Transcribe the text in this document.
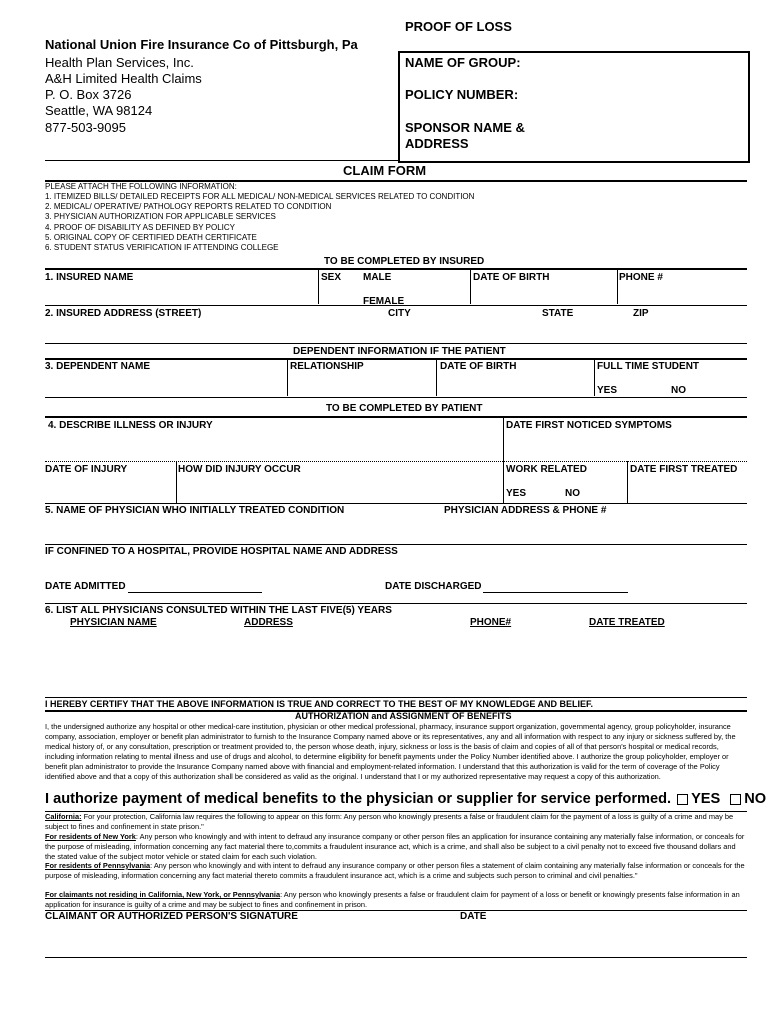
PROOF OF LOSS
National Union Fire Insurance Co of Pittsburgh, Pa
Health Plan Services, Inc.
A&H Limited Health Claims
P. O. Box 3726
Seattle, WA 98124
877-503-9095
NAME OF GROUP:
POLICY NUMBER:
SPONSOR NAME &
ADDRESS
CLAIM FORM
PLEASE ATTACH THE FOLLOWING INFORMATION:
1. ITEMIZED BILLS/ DETAILED RECEIPTS FOR ALL MEDICAL/ NON-MEDICAL SERVICES RELATED TO CONDITION
2. MEDICAL/ OPERATIVE/ PATHOLOGY REPORTS RELATED TO CONDITION
3. PHYSICIAN AUTHORIZATION FOR APPLICABLE SERVICES
4. PROOF OF DISABILITY AS DEFINED BY POLICY
5. ORIGINAL COPY OF CERTIFIED DEATH CERTIFICATE
6. STUDENT STATUS VERIFICATION IF ATTENDING COLLEGE
TO BE COMPLETED BY INSURED
1. INSURED NAME	SEX MALE	DATE OF BIRTH	PHONE #
FEMALE
2. INSURED ADDRESS (STREET)	CITY	STATE	ZIP
DEPENDENT INFORMATION IF THE PATIENT
3. DEPENDENT NAME	RELATIONSHIP	DATE OF BIRTH	FULL TIME STUDENT
YES	NO
TO BE COMPLETED BY PATIENT
4. DESCRIBE ILLNESS OR INJURY	DATE FIRST NOTICED SYMPTOMS
DATE OF INJURY	HOW DID INJURY OCCUR	WORK RELATED	DATE FIRST TREATED
YES	NO
5. NAME OF PHYSICIAN WHO INITIALLY TREATED CONDITION	PHYSICIAN ADDRESS & PHONE #
IF CONFINED TO A HOSPITAL, PROVIDE HOSPITAL NAME AND ADDRESS
DATE ADMITTED	DATE DISCHARGED
6. LIST ALL PHYSICIANS CONSULTED WITHIN THE LAST FIVE(5) YEARS
PHYSICIAN NAME	ADDRESS	PHONE#	DATE TREATED
I HEREBY CERTIFY THAT THE ABOVE INFORMATION IS TRUE AND CORRECT TO THE BEST OF MY KNOWLEDGE AND BELIEF.
AUTHORIZATION and ASSIGNMENT OF BENEFITS
I, the undersigned authorize any hospital or other medical-care institution, physician or other medical professional, pharmacy, insurance support organization, governmental agency, group policyholder, insurance company, association, employer or benefit plan administrator to furnish to the Insurance Company named above or its representatives, any and all information with respect to any injury or sickness suffered by, the medical history of, or any consultation, prescription or treatment provided to, the person whose death, injury, sickness or loss is the basis of claim and copies of all of that person's hospital or medical records, including information relating to mental illness and use of drugs and alcohol, to determine eligibility for benefit payments under the Policy Number identified above. I authorize the group policyholder, employer or benefit plan administrator to provide the Insurance Company named above with financial and employment-related information. I understand that this authorization is valid for the term of coverage of the Policy identified above and that a copy of this authorization shall be considered as valid as the original. I understand that I or my authorized representative may request a copy of this authorization.
I authorize payment of medical benefits to the physician or supplier for service performed. YES NO
California: For your protection, California law requires the following to appear on this form: Any person who knowingly presents a false or fraudulent claim for the payment of a loss is guilty of a crime and may be subject to fines and confinement in state prison."
For residents of New York: Any person who knowingly and with intent to defraud any insurance company or other person files an application for insurance containing any materially false information, or conceals for the purpose of misleading, information concerning any fact material there to,commits a fraudulent insurance act, which is a crime, and shall also be subject to a civil penalty not to exceed five thousand dollars and the stated value of the subject motor vehicle or stated claim for each such violation.
For residents of Pennsylvania: Any person who knowingly and with intent to defraud any insurance company or other person files a statement of claim containing any materially false information or conceals for the purpose of misleading, information concerning any fact material thereto commits a fraudulent insurance act, which is a crime and subjects such person to criminal and civil penalties."
For claimants not residing in California, New York, or Pennsylvania: Any person who knowingly presents a false or fraudulent claim for payment of a loss or benefit or knowingly presents false information in an application for insurance is guilty of a crime and may be subject to fines and confinement in prison.
CLAIMANT OR AUTHORIZED PERSON'S SIGNATURE	DATE
